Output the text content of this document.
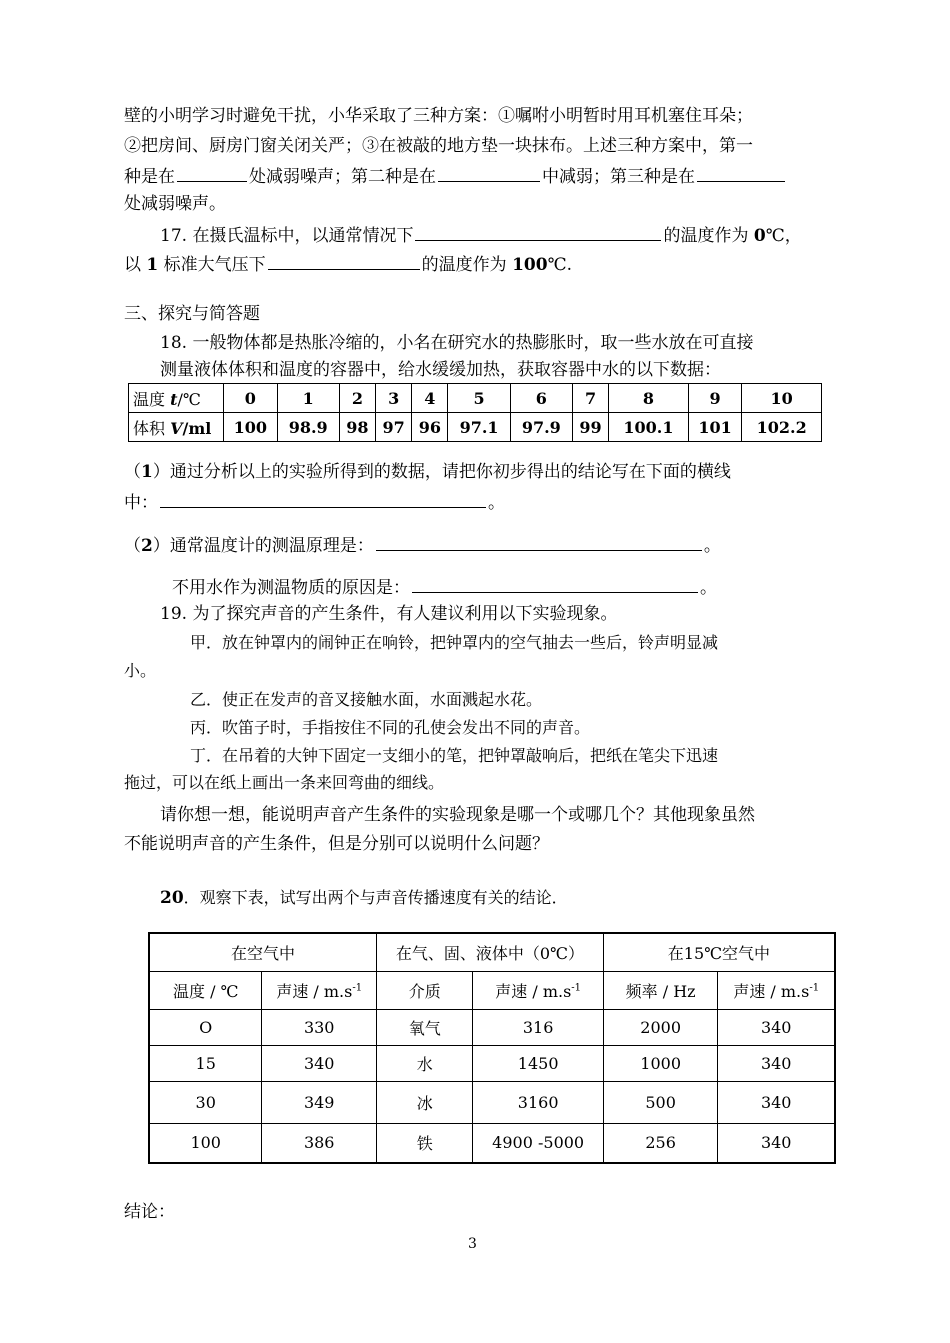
壁的小明学习时避免干扰，小华采取了三种方案：①嘱咐小明暂时用耳机塞住耳朵；
②把房间、厨房门窗关闭关严；③在被敲的地方垫一块抹布。上述三种方案中，第一
种是在	处减弱噪声；第二种是在	中减弱；第三种是在
处减弱噪声。
17. 在摄氏温标中，以通常情况下	的温度作为 0℃，
以 1 标准大气压下	的温度作为 100℃.
三、探究与简答题
18. 一般物体都是热胀冷缩的，小名在研究水的热膨胀时，取一些水放在可直接
测量液体体积和温度的容器中，给水缓缓加热，获取容器中水的以下数据：
温度 t/℃	0	1	2	3	4	5	6	7	8	9	10
体积 V/ml	100	98.9	98	97	96	97.1	97.9	99	100.1	101	102.2
（1）通过分析以上的实验所得到的数据，请把你初步得出的结论写在下面的横线
中：	。
（2）通常温度计的测温原理是：	。
不用水作为测温物质的原因是：	。
19. 为了探究声音的产生条件，有人建议利用以下实验现象。
甲．放在钟罩内的闹钟正在响铃，把钟罩内的空气抽去一些后，铃声明显减
小。
乙．使正在发声的音叉接触水面，水面溅起水花。
丙．吹笛子时，手指按住不同的孔使会发出不同的声音。
丁．在吊着的大钟下固定一支细小的笔，把钟罩敲响后，把纸在笔尖下迅速
拖过，可以在纸上画出一条来回弯曲的细线。
请你想一想，能说明声音产生条件的实验现象是哪一个或哪几个？其他现象虽然
不能说明声音的产生条件，但是分别可以说明什么问题？
20．观察下表，试写出两个与声音传播速度有关的结论．
在空气中		在气、固、液体中（0℃）		在15℃空气中	
温度 / ℃	声速 / $m.s^{-1}$	介质	声速 / $m.s^{-1}$	频率 / Hz	声速 / $m.s^{-1}$
O	330	氧气	316	2000	340
15	340	水	1450	1000	340
30	349	冰	3160	500	340
100	386	铁	4900 -5000	256	340
结论：
3
